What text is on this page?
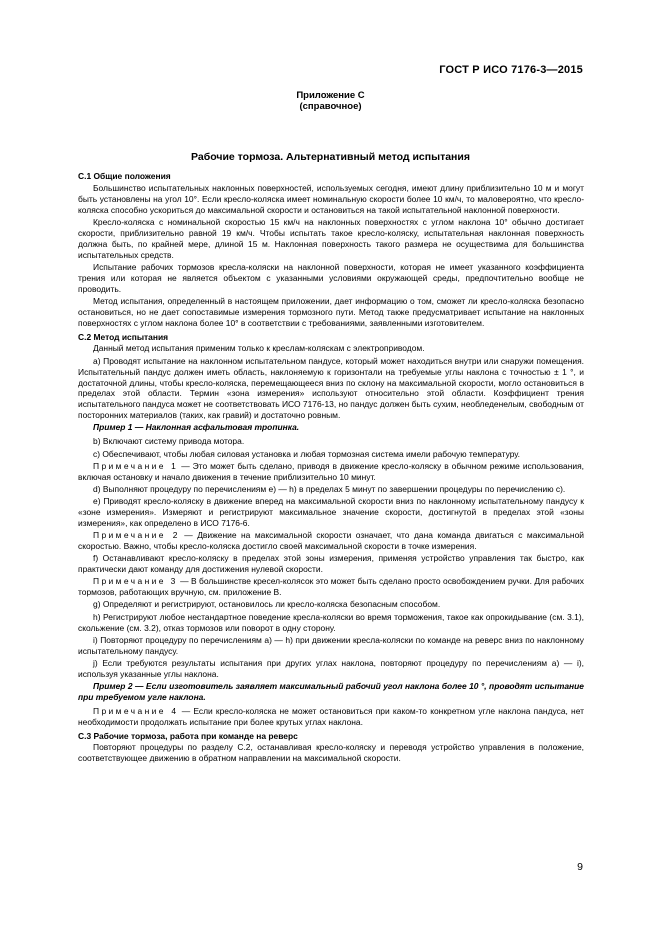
ГОСТ Р ИСО 7176-3—2015
Приложение С
(справочное)
Рабочие тормоза. Альтернативный метод испытания
С.1 Общие положения

Большинство испытательных наклонных поверхностей, используемых сегодня, имеют длину приблизительно 10 м и могут быть установлены на угол 10°. Если кресло-коляска имеет номинальную скорости более 10 км/ч, то маловероятно, что кресло-коляска способно ускориться до максимальной скорости и остановиться на такой испытательной наклонной поверхности.

Кресло-коляска с номинальной скоростью 15 км/ч на наклонных поверхностях с углом наклона 10° обычно достигает скорости, приблизительно равной 19 км/ч. Чтобы испытать такое кресло-коляску, испытательная наклонная поверхность должна быть, по крайней мере, длиной 15 м. Наклонная поверхность такого размера не осуществима для большинства испытательных средств.

Испытание рабочих тормозов кресла-коляски на наклонной поверхности, которая не имеет указанного коэффициента трения или которая не является объектом с указанными условиями окружающей среды, предпочтительно вообще не проводить.

Метод испытания, определенный в настоящем приложении, дает информацию о том, сможет ли кресло-коляска безопасно остановиться, но не дает сопоставимые измерения тормозного пути. Метод также предусматривает испытание на наклонных поверхностях с углом наклона более 10° в соответствии с требованиями, заявленными изготовителем.

С.2 Метод испытания

Данный метод испытания применим только к креслам-коляскам с электроприводом.

а) Проводят испытание на наклонном испытательном пандусе, который может находиться внутри или снаружи помещения. Испытательный пандус должен иметь область, наклоняемую к горизонтали на требуемые углы наклона с точностью ± 1 °, и достаточной длины, чтобы кресло-коляска, перемещающееся вниз по склону на максимальной скорости, могло остановиться в пределах этой области. Термин «зона измерения» используют относительно этой области. Коэффициент трения испытательного пандуса может не соответствовать ИСО 7176-13, но пандус должен быть сухим, необледенелым, свободным от посторонних материалов (таких, как гравий) и достаточно ровным.

Пример 1 — Наклонная асфальтовая тропинка.

b) Включают систему привода мотора.

с) Обеспечивают, чтобы любая силовая установка и любая тормозная система имели рабочую температуру.

Примечание 1 — Это может быть сделано, приводя в движение кресло-коляску в обычном режиме использования, включая остановку и начало движения в течение приблизительно 10 минут.

d) Выполняют процедуру по перечислениям е) — h) в пределах 5 минут по завершении процедуры по перечислению с).

е) Приводят кресло-коляску в движение вперед на максимальной скорости вниз по наклонному испытательному пандусу к «зоне измерения». Измеряют и регистрируют максимальное значение скорости, достигнутой в пределах этой «зоны измерения», как определено в ИСО 7176-6.

Примечание 2 — Движение на максимальной скорости означает, что дана команда двигаться с максимальной скоростью. Важно, чтобы кресло-коляска достигло своей максимальной скорости в точке измерения.

f) Останавливают кресло-коляску в пределах этой зоны измерения, применяя устройство управления так быстро, как практически дают команду для достижения нулевой скорости.

Примечание 3 — В большинстве кресел-колясок это может быть сделано просто освобождением ручки. Для рабочих тормозов, работающих вручную, см. приложение В.

g) Определяют и регистрируют, остановилось ли кресло-коляска безопасным способом.

h) Регистрируют любое нестандартное поведение кресла-коляски во время торможения, такое как опрокидывание (см. 3.1), скольжение (см. 3.2), отказ тормозов или поворот в одну сторону.

i) Повторяют процедуру по перечислениям а) — h) при движении кресла-коляски по команде на реверс вниз по наклонному испытательному пандусу.

j) Если требуются результаты испытания при других углах наклона, повторяют процедуру по перечислениям а) — i), используя указанные углы наклона.

Пример 2 — Если изготовитель заявляет максимальный рабочий угол наклона более 10 °, проводят испытание при требуемом угле наклона.

Примечание 4 — Если кресло-коляска не может остановиться при каком-то конкретном угле наклона пандуса, нет необходимости продолжать испытание при более крутых углах наклона.

С.3 Рабочие тормоза, работа при команде на реверс

Повторяют процедуры по разделу С.2, останавливая кресло-коляску и переводя устройство управления в положение, соответствующее движению в обратном направлении на максимальной скорости.

9
